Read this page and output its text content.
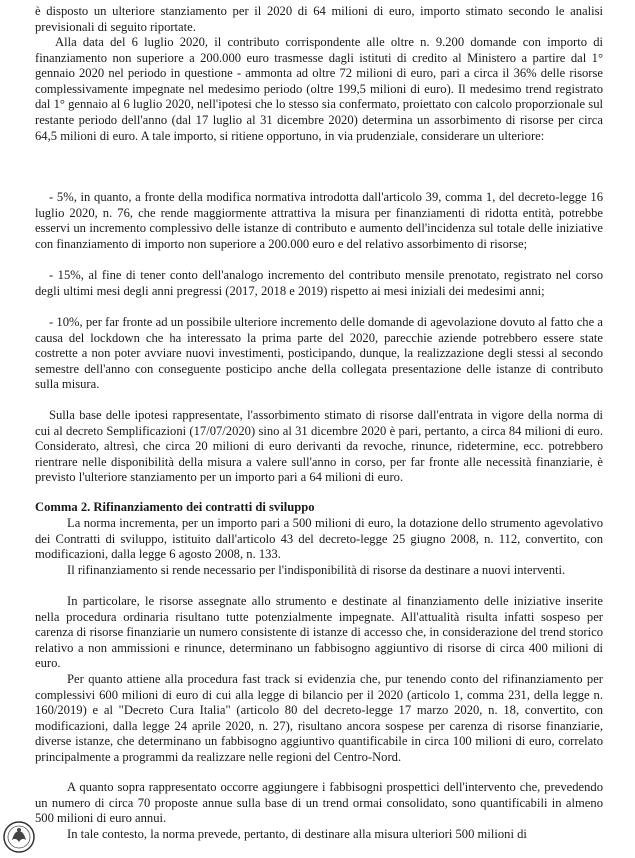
è disposto un ulteriore stanziamento per il 2020 di 64 milioni di euro, importo stimato secondo le analisi previsionali di seguito riportate.

Alla data del 6 luglio 2020, il contributo corrispondente alle oltre n. 9.200 domande con importo di finanziamento non superiore a 200.000 euro trasmesse dagli istituti di credito al Ministero a partire dal 1° gennaio 2020 nel periodo in questione - ammonta ad oltre 72 milioni di euro, pari a circa il 36% delle risorse complessivamente impegnate nel medesimo periodo (oltre 199,5 milioni di euro). Il medesimo trend registrato dal 1° gennaio al 6 luglio 2020, nell'ipotesi che lo stesso sia confermato, proiettato con calcolo proporzionale sul restante periodo dell'anno (dal 17 luglio al 31 dicembre 2020) determina un assorbimento di risorse per circa 64,5 milioni di euro. A tale importo, si ritiene opportuno, in via prudenziale, considerare un ulteriore:

- 5%, in quanto, a fronte della modifica normativa introdotta dall'articolo 39, comma 1, del decreto-legge 16 luglio 2020, n. 76, che rende maggiormente attrattiva la misura per finanziamenti di ridotta entità, potrebbe esservi un incremento complessivo delle istanze di contributo e aumento dell'incidenza sul totale delle iniziative con finanziamento di importo non superiore a 200.000 euro e del relativo assorbimento di risorse;

- 15%, al fine di tener conto dell'analogo incremento del contributo mensile prenotato, registrato nel corso degli ultimi mesi degli anni pregressi (2017, 2018 e 2019) rispetto ai mesi iniziali dei medesimi anni;

- 10%, per far fronte ad un possibile ulteriore incremento delle domande di agevolazione dovuto al fatto che a causa del lockdown che ha interessato la prima parte del 2020, parecchie aziende potrebbero essere state costrette a non poter avviare nuovi investimenti, posticipando, dunque, la realizzazione degli stessi al secondo semestre dell'anno con conseguente posticipo anche della collegata presentazione delle istanze di contributo sulla misura.

Sulla base delle ipotesi rappresentate, l'assorbimento stimato di risorse dall'entrata in vigore della norma di cui al decreto Semplificazioni (17/07/2020) sino al 31 dicembre 2020 è pari, pertanto, a circa 84 milioni di euro. Considerato, altresì, che circa 20 milioni di euro derivanti da revoche, rinunce, ridetermine, ecc. potrebbero rientrare nelle disponibilità della misura a valere sull'anno in corso, per far fronte alle necessità finanziarie, è previsto l'ulteriore stanziamento per un importo pari a 64 milioni di euro.

Comma 2. Rifinanziamento dei contratti di sviluppo

La norma incrementa, per un importo pari a 500 milioni di euro, la dotazione dello strumento agevolativo dei Contratti di sviluppo, istituito dall'articolo 43 del decreto-legge 25 giugno 2008, n. 112, convertito, con modificazioni, dalla legge 6 agosto 2008, n. 133.

Il rifinanziamento si rende necessario per l'indisponibilità di risorse da destinare a nuovi interventi.

In particolare, le risorse assegnate allo strumento e destinate al finanziamento delle iniziative inserite nella procedura ordinaria risultano tutte potenzialmente impegnate. All'attualità risulta infatti sospeso per carenza di risorse finanziarie un numero consistente di istanze di accesso che, in considerazione del trend storico relativo a non ammissioni e rinunce, determinano un fabbisogno aggiuntivo di risorse di circa 400 milioni di euro.

Per quanto attiene alla procedura fast track si evidenzia che, pur tenendo conto del rifinanziamento per complessivi 600 milioni di euro di cui alla legge di bilancio per il 2020 (articolo 1, comma 231, della legge n. 160/2019) e al "Decreto Cura Italia" (articolo 80 del decreto-legge 17 marzo 2020, n. 18, convertito, con modificazioni, dalla legge 24 aprile 2020, n. 27), risultano ancora sospese per carenza di risorse finanziarie, diverse istanze, che determinano un fabbisogno aggiuntivo quantificabile in circa 100 milioni di euro, correlato principalmente a programmi da realizzare nelle regioni del Centro-Nord.

A quanto sopra rappresentato occorre aggiungere i fabbisogni prospettici dell'intervento che, prevedendo un numero di circa 70 proposte annue sulla base di un trend ormai consolidato, sono quantificabili in almeno 500 milioni di euro annui.

In tale contesto, la norma prevede, pertanto, di destinare alla misura ulteriori 500 milioni di
